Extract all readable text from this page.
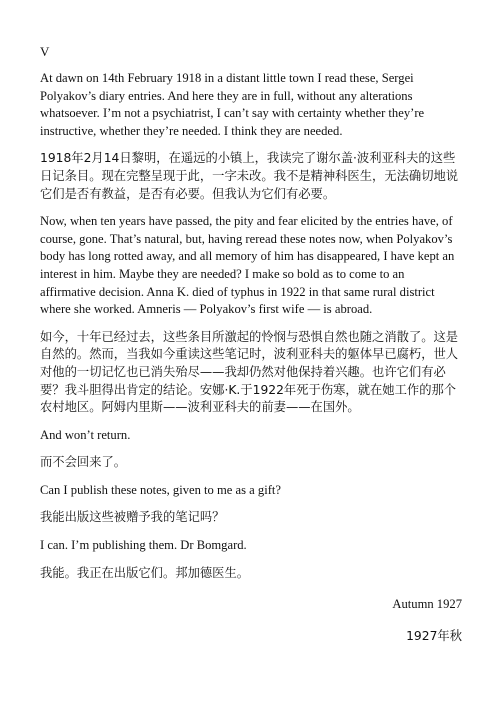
V

At dawn on 14th February 1918 in a distant little town I read these, Sergei Polyakov’s diary entries. And here they are in full, without any alterations whatsoever. I’m not a psychiatrist, I can’t say with certainty whether they’re instructive, whether they’re needed. I think they are needed.

1918年2月14日黎明，在遥远的小镇上，我读完了谢尔盖·波利亚科夫的这些日记条目。现在完整呈现于此，一字未改。我不是精神科医生，无法确切地说它们是否有教益，是否有必要。但我认为它们有必要。

Now, when ten years have passed, the pity and fear elicited by the entries have, of course, gone. That’s natural, but, having reread these notes now, when Polyakov’s body has long rotted away, and all memory of him has disappeared, I have kept an interest in him. Maybe they are needed? I make so bold as to come to an affirmative decision. Anna K. died of typhus in 1922 in that same rural district where she worked. Amneris — Polyakov’s first wife — is abroad.

如今，十年已经过去，这些条目所激起的怜悯与恐惧自然也随之消散了。这是自然的。然而，当我如今重读这些笔记时，波利亚科夫的躯体早已腐朽，世人对他的一切记忆也已消失殆尽——我却仍然对他保持着兴趣。也许它们有必要？我斗胆得出肯定的结论。安娜·K.于1922年死于伤寒，就在她工作的那个农村地区。阿姆内里斯——波利亚科夫的前妻——在国外。

And won’t return.

而不会回来了。

Can I publish these notes, given to me as a gift?

我能出版这些被赠予我的笔记吗？

I can. I’m publishing them. Dr Bomgard.

我能。我正在出版它们。邦加德医生。

Autumn 1927

1927年秋
